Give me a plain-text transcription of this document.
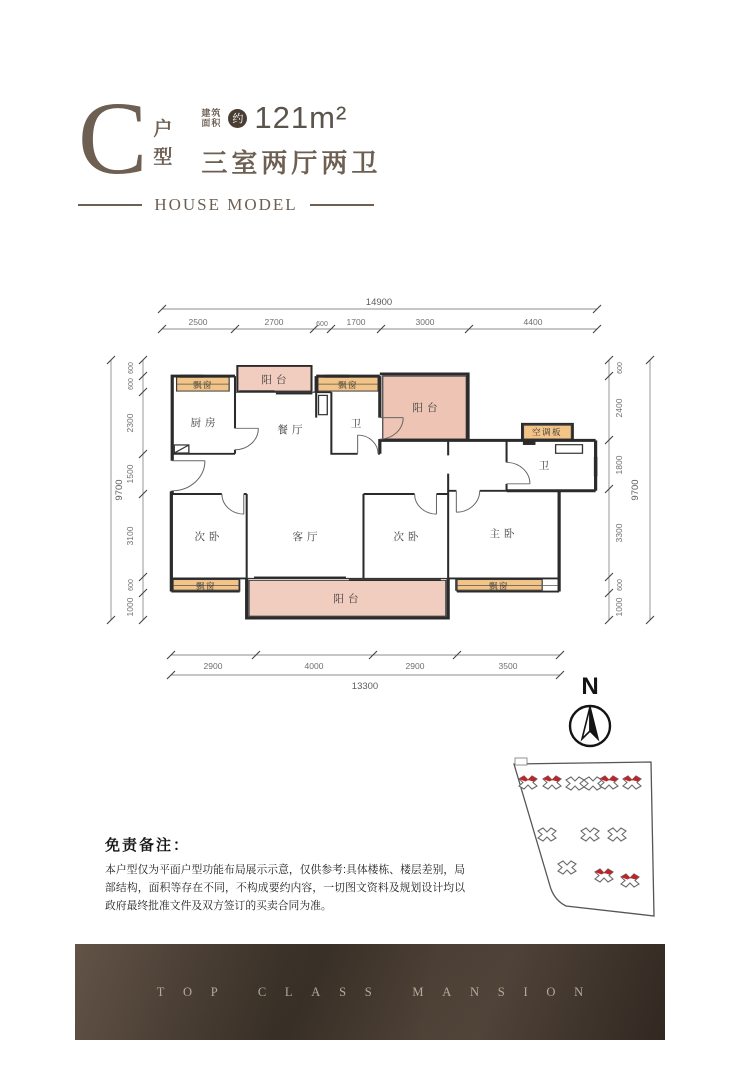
C 户
型
建筑
面积	约 121m²
三室两厅两卫
HOUSE MODEL
14900
2500	2700	600 1700	3000	4400
9700
600
600
2300
1500
3100
600
1000
9700
600
2400
1800
3300
600
1000
2900	4000	2900	3500
13300
厨房
餐厅	卫
阳台
阳台
空调板
卫
飘窗	飘窗
次卧	客厅	次卧	主卧
飘窗	飘窗
阳台
N
免责备注：
本户型仅为平面户型功能布局展示示意，仅供参考:具体楼栋、楼层差别，局部结构，面积等存在不同，不构成要约内容，一切图文资料及规划设计均以政府最终批准文件及双方签订的买卖合同为准。
TOP CLASS MANSION
